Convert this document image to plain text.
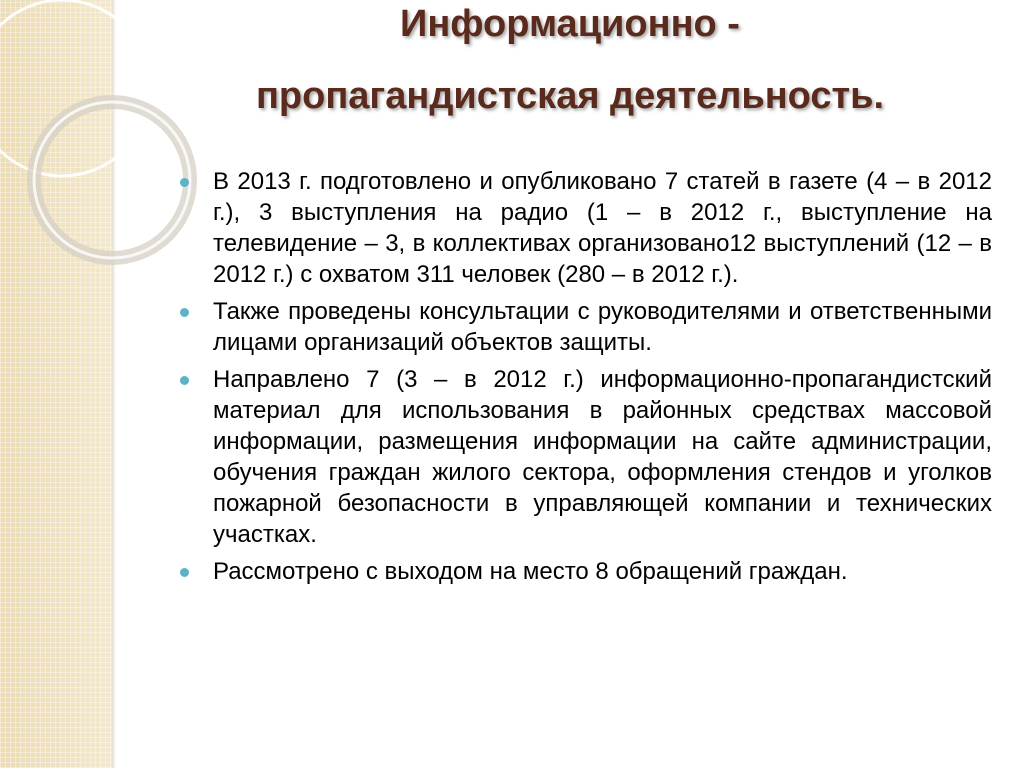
Информационно -
пропагандистская деятельность.
В 2013 г. подготовлено и опубликовано 7 статей в газете (4 – в 2012 г.), 3 выступления на радио (1 – в 2012 г., выступление на телевидение – 3, в коллективах организовано12 выступлений (12 – в 2012 г.) с охватом 311 человек (280 – в 2012 г.).
Также проведены консультации с руководителями и ответственными лицами организаций объектов защиты.
Направлено 7 (3 – в 2012 г.) информационно-пропагандистский материал для использования в районных средствах массовой информации, размещения информации на сайте администрации, обучения граждан жилого сектора, оформления стендов и уголков пожарной безопасности в управляющей компании и технических участках.
Рассмотрено с выходом на место 8 обращений граждан.
